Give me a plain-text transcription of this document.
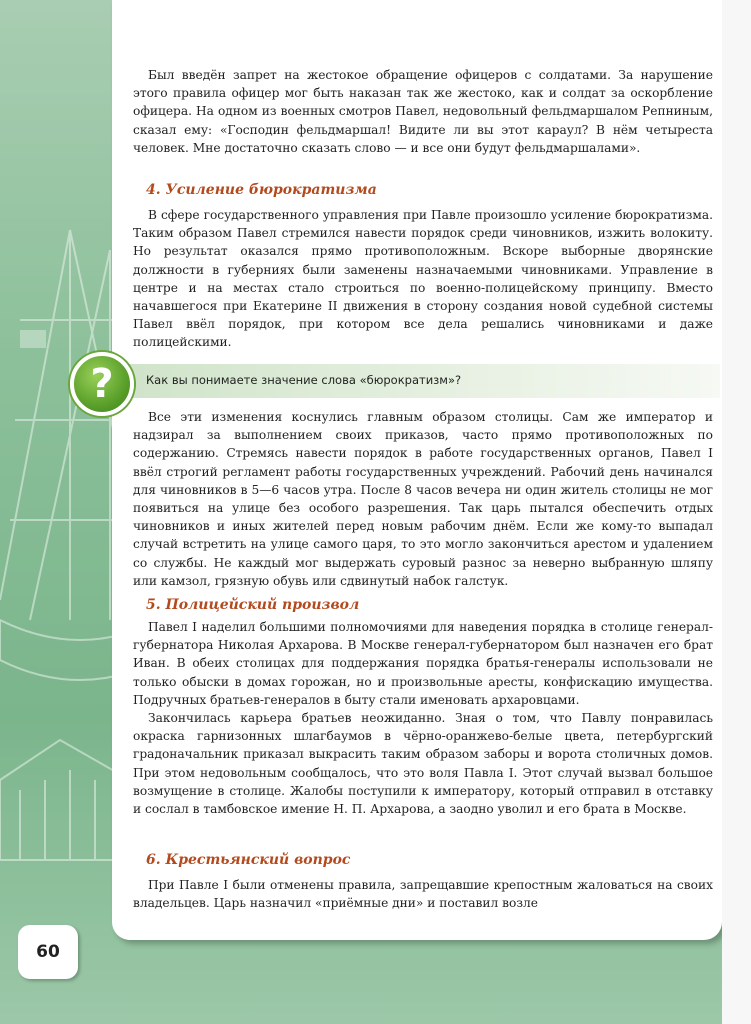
Был введён запрет на жестокое обращение офицеров с солдатами. За нарушение этого правила офицер мог быть наказан так же жестоко, как и солдат за оскорбление офицера. На одном из военных смотров Павел, недовольный фельдмаршалом Репниным, сказал ему: «Господин фельдмаршал! Видите ли вы этот караул? В нём четыреста человек. Мне достаточно сказать слово — и все они будут фельдмаршалами».

4. Усиление бюрократизма

В сфере государственного управления при Павле произошло усиление бюрократизма. Таким образом Павел стремился навести порядок среди чиновников, изжить волокиту. Но результат оказался прямо противоположным. Вскоре выборные дворянские должности в губерниях были заменены назначаемыми чиновниками. Управление в центре и на местах стало строиться по военно-полицейскому принципу. Вместо начавшегося при Екатерине II движения в сторону создания новой судебной системы Павел ввёл порядок, при котором все дела решались чиновниками и даже полицейскими.

?	Как вы понимаете значение слова «бюрократизм»?

Все эти изменения коснулись главным образом столицы. Сам же император и надзирал за выполнением своих приказов, часто прямо противоположных по содержанию. Стремясь навести порядок в работе государственных органов, Павел I ввёл строгий регламент работы государственных учреждений. Рабочий день начинался для чиновников в 5—6 часов утра. После 8 часов вечера ни один житель столицы не мог появиться на улице без особого разрешения. Так царь пытался обеспечить отдых чиновников и иных жителей перед новым рабочим днём. Если же кому-то выпадал случай встретить на улице самого царя, то это могло закончиться арестом и удалением со службы. Не каждый мог выдержать суровый разнос за неверно выбранную шляпу или камзол, грязную обувь или сдвинутый набок галстук.

5. Полицейский произвол

Павел I наделил большими полномочиями для наведения порядка в столице генерал-губернатора Николая Архарова. В Москве генерал-губернатором был назначен его брат Иван. В обеих столицах для поддержания порядка братья-генералы использовали не только обыски в домах горожан, но и произвольные аресты, конфискацию имущества. Подручных братьев-генералов в быту стали именовать архаровцами.

Закончилась карьера братьев неожиданно. Зная о том, что Павлу понравилась окраска гарнизонных шлагбаумов в чёрно-оранжево-белые цвета, петербургский градоначальник приказал выкрасить таким образом заборы и ворота столичных домов. При этом недовольным сообщалось, что это воля Павла I. Этот случай вызвал большое возмущение в столице. Жалобы поступили к императору, который отправил в отставку и сослал в тамбовское имение Н. П. Архарова, а заодно уволил и его брата в Москве.

6. Крестьянский вопрос

При Павле I были отменены правила, запрещавшие крепостным жаловаться на своих владельцев. Царь назначил «приёмные дни» и поставил возле

60
